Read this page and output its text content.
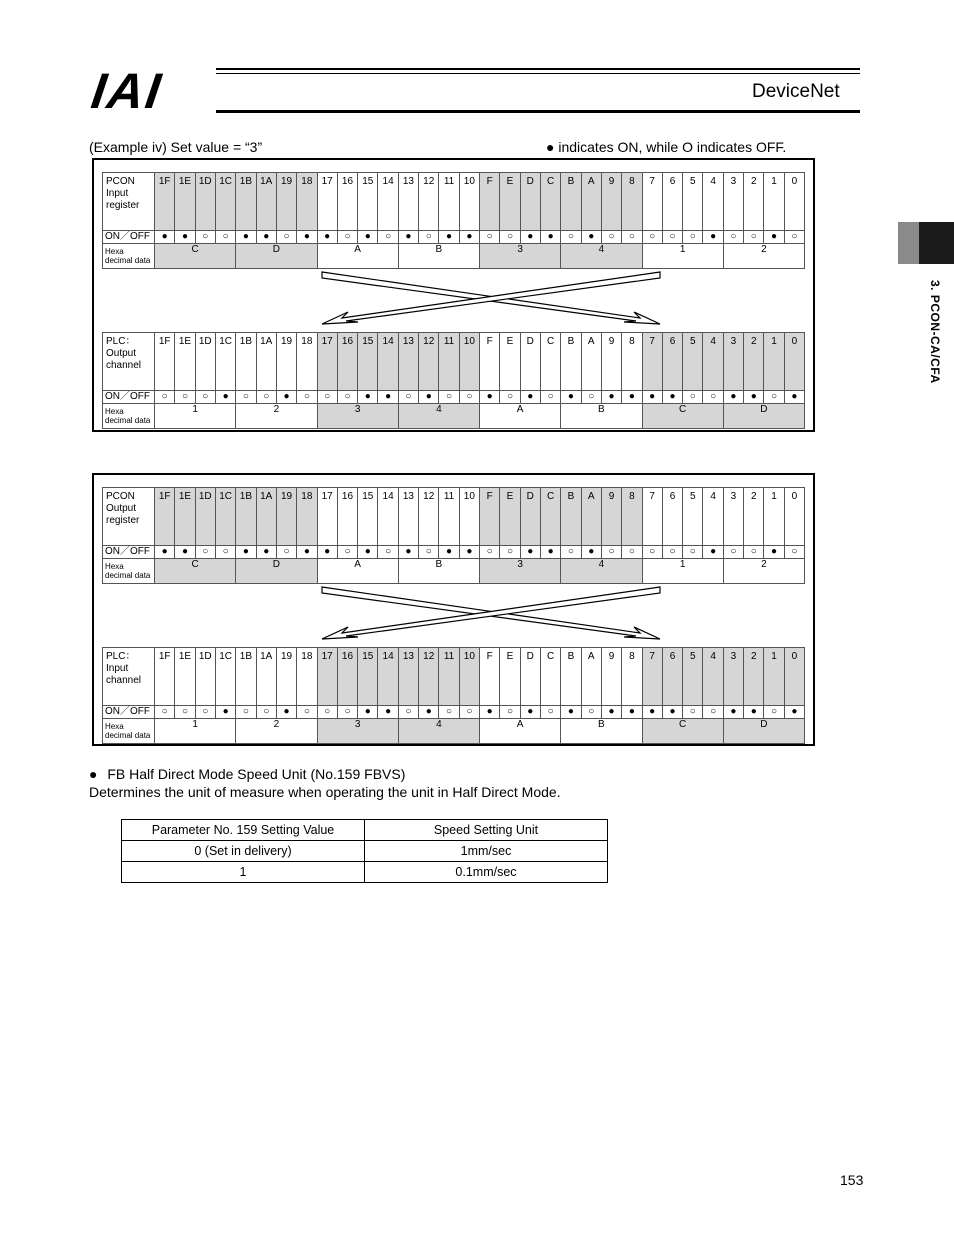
IAI	DeviceNet
3. PCON-CA/CFA
(Example iv) Set value = “3”	● indicates ON, while O indicates OFF.
PCON
Input
register	1F	1E	1D	1C	1B	1A	19	18	17	16	15	14	13	12	11	10	F	E	D	C	B	A	9	8	7	6	5	4	3	2	1	0
ON／OFF	●	●	○	○	●	●	○	●	●	○	●	○	●	○	●	●	○	○	●	●	○	●	○	○	○	○	○	●	○	○	●	○
Hexa decimal data	C				D				A				B				3				4				1				2			
PLC：
Output
channel	1F	1E	1D	1C	1B	1A	19	18	17	16	15	14	13	12	11	10	F	E	D	C	B	A	9	8	7	6	5	4	3	2	1	0
ON／OFF	○	○	○	●	○	○	●	○	○	○	●	●	○	●	○	○	●	○	●	○	●	○	●	●	●	●	○	○	●	●	○	●
Hexa decimal data	1				2				3				4				A				B				C				D			
PCON
Output
register	1F	1E	1D	1C	1B	1A	19	18	17	16	15	14	13	12	11	10	F	E	D	C	B	A	9	8	7	6	5	4	3	2	1	0
ON／OFF	●	●	○	○	●	●	○	●	●	○	●	○	●	○	●	●	○	○	●	●	○	●	○	○	○	○	○	●	○	○	●	○
Hexa decimal data	C				D				A				B				3				4				1				2			
PLC：
Input
channel	1F	1E	1D	1C	1B	1A	19	18	17	16	15	14	13	12	11	10	F	E	D	C	B	A	9	8	7	6	5	4	3	2	1	0
ON／OFF	○	○	○	●	○	○	●	○	○	○	●	●	○	●	○	○	●	○	●	○	●	○	●	●	●	●	○	○	●	●	○	●
Hexa decimal data	1				2				3				4				A				B				C				D			
● FB Half Direct Mode Speed Unit (No.159 FBVS)
Determines the unit of measure when operating the unit in Half Direct Mode.
Parameter No. 159 Setting Value	Speed Setting Unit
0 (Set in delivery)	1mm/sec
1	0.1mm/sec
153
